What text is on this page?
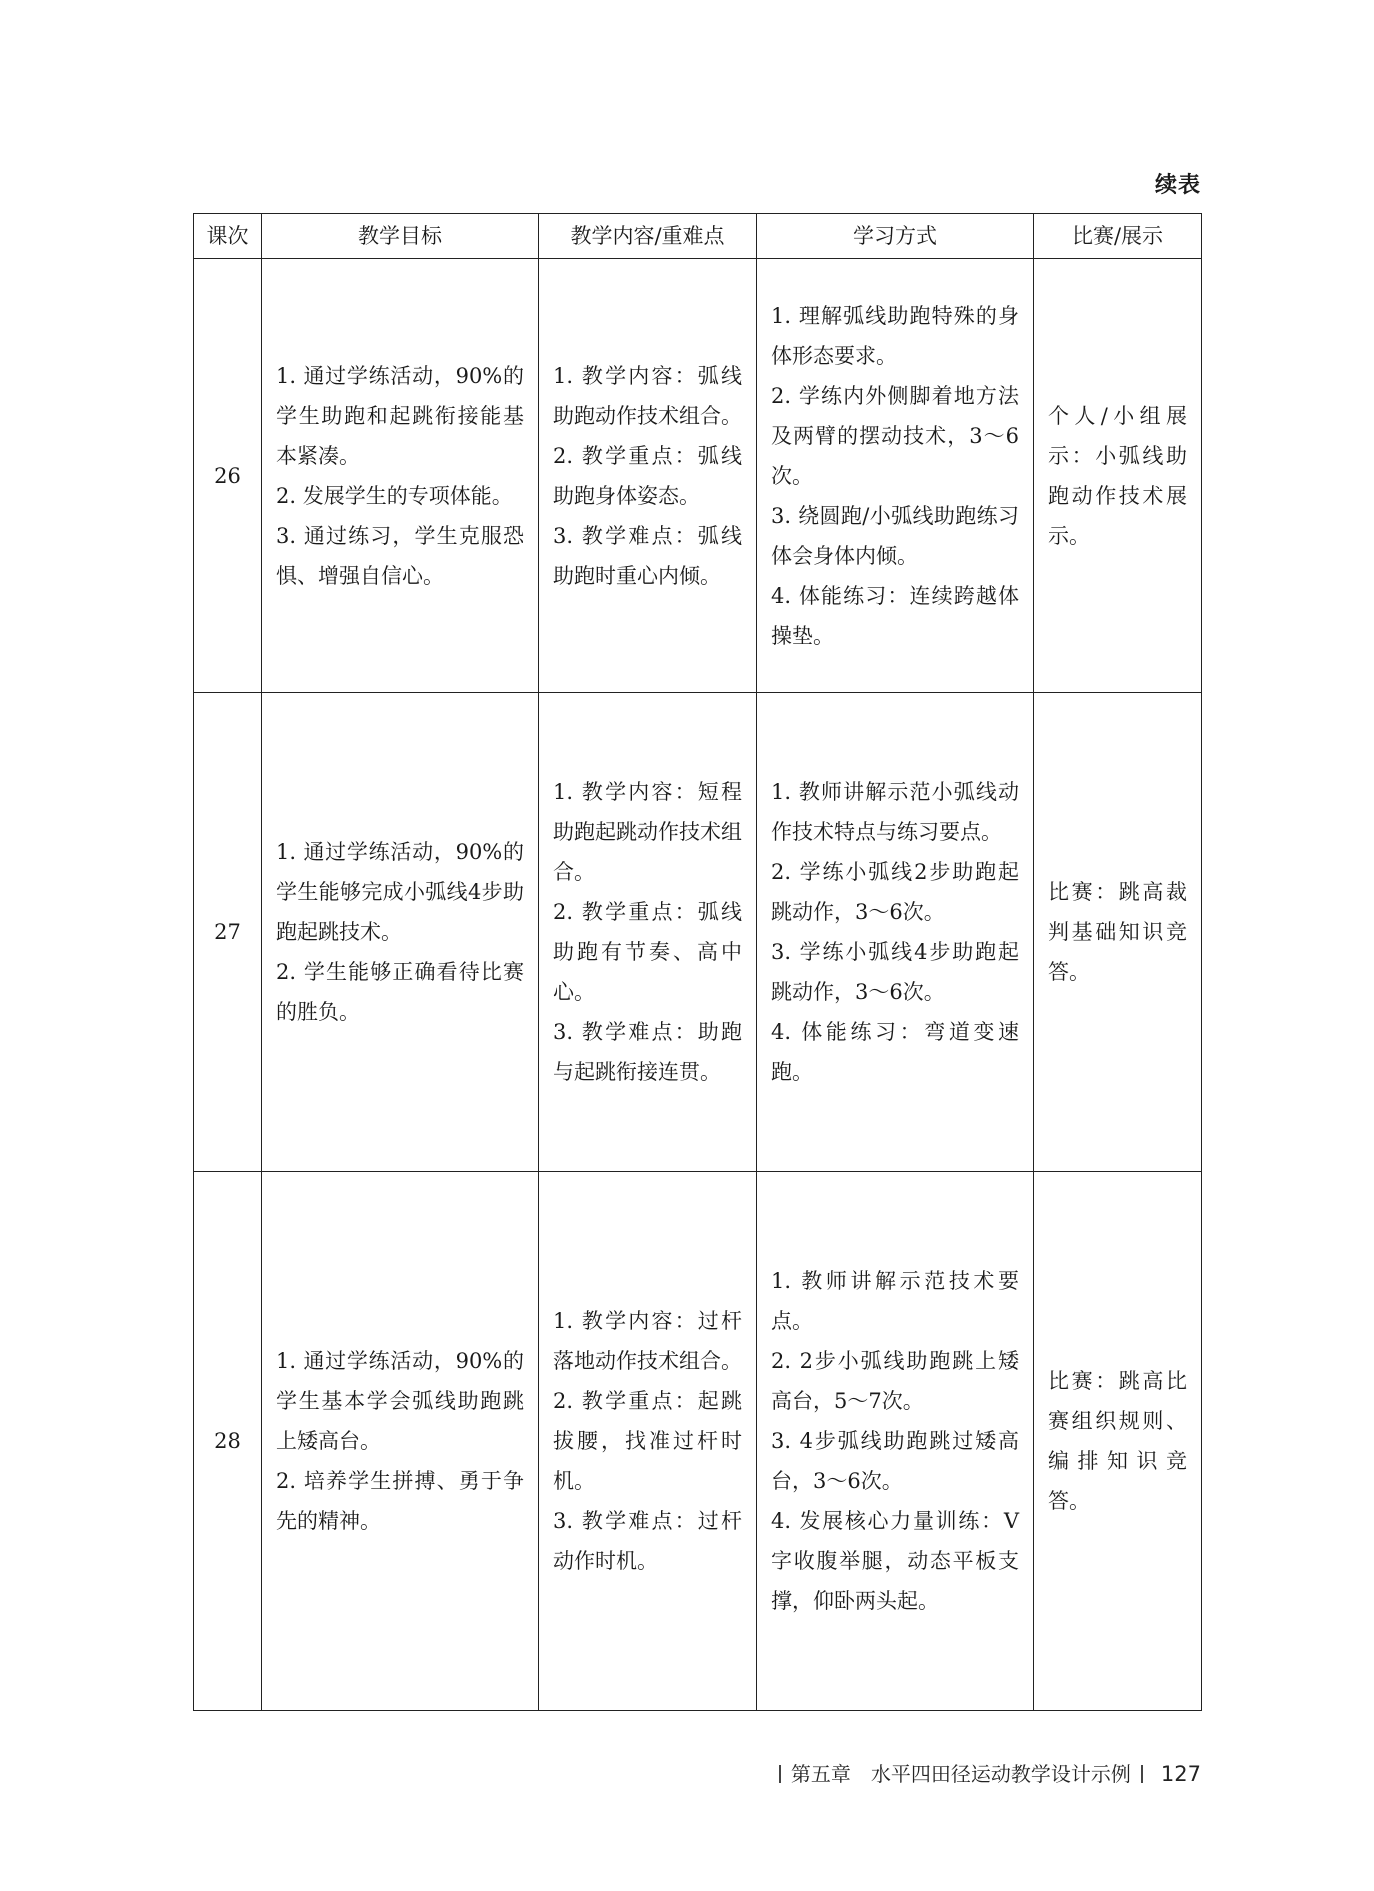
续表
课次	教学目标	教学内容/重难点	学习方式	比赛/展示
26	1. 通过学练活动，90%的学生助跑和起跳衔接能基本紧凑。
2. 发展学生的专项体能。
3. 通过练习，学生克服恐惧、增强自信心。	1. 教学内容：弧线助跑动作技术组合。
2. 教学重点：弧线助跑身体姿态。
3. 教学难点：弧线助跑时重心内倾。	1. 理解弧线助跑特殊的身体形态要求。
2. 学练内外侧脚着地方法及两臂的摆动技术，3～6次。
3. 绕圆跑/小弧线助跑练习体会身体内倾。
4. 体能练习：连续跨越体操垫。	个人/小组展示：小弧线助跑动作技术展示。

27	1. 通过学练活动，90%的学生能够完成小弧线4步助跑起跳技术。
2. 学生能够正确看待比赛的胜负。	1. 教学内容：短程助跑起跳动作技术组合。
2. 教学重点：弧线助跑有节奏、高中心。
3. 教学难点：助跑与起跳衔接连贯。	1. 教师讲解示范小弧线动作技术特点与练习要点。
2. 学练小弧线2步助跑起跳动作，3～6次。
3. 学练小弧线4步助跑起跳动作，3～6次。
4. 体能练习：弯道变速跑。	比赛：跳高裁判基础知识竞答。

28	1. 通过学练活动，90%的学生基本学会弧线助跑跳上矮高台。
2. 培养学生拼搏、勇于争先的精神。	1. 教学内容：过杆落地动作技术组合。
2. 教学重点：起跳拔腰，找准过杆时机。
3. 教学难点：过杆动作时机。	1. 教师讲解示范技术要点。
2. 2步小弧线助跑跳上矮高台，5～7次。
3. 4步弧线助跑跳过矮高台，3～6次。
4. 发展核心力量训练：V字收腹举腿，动态平板支撑，仰卧两头起。	比赛：跳高比赛组织规则、编排知识竞答。
第五章　水平四田径运动教学设计示例 127
